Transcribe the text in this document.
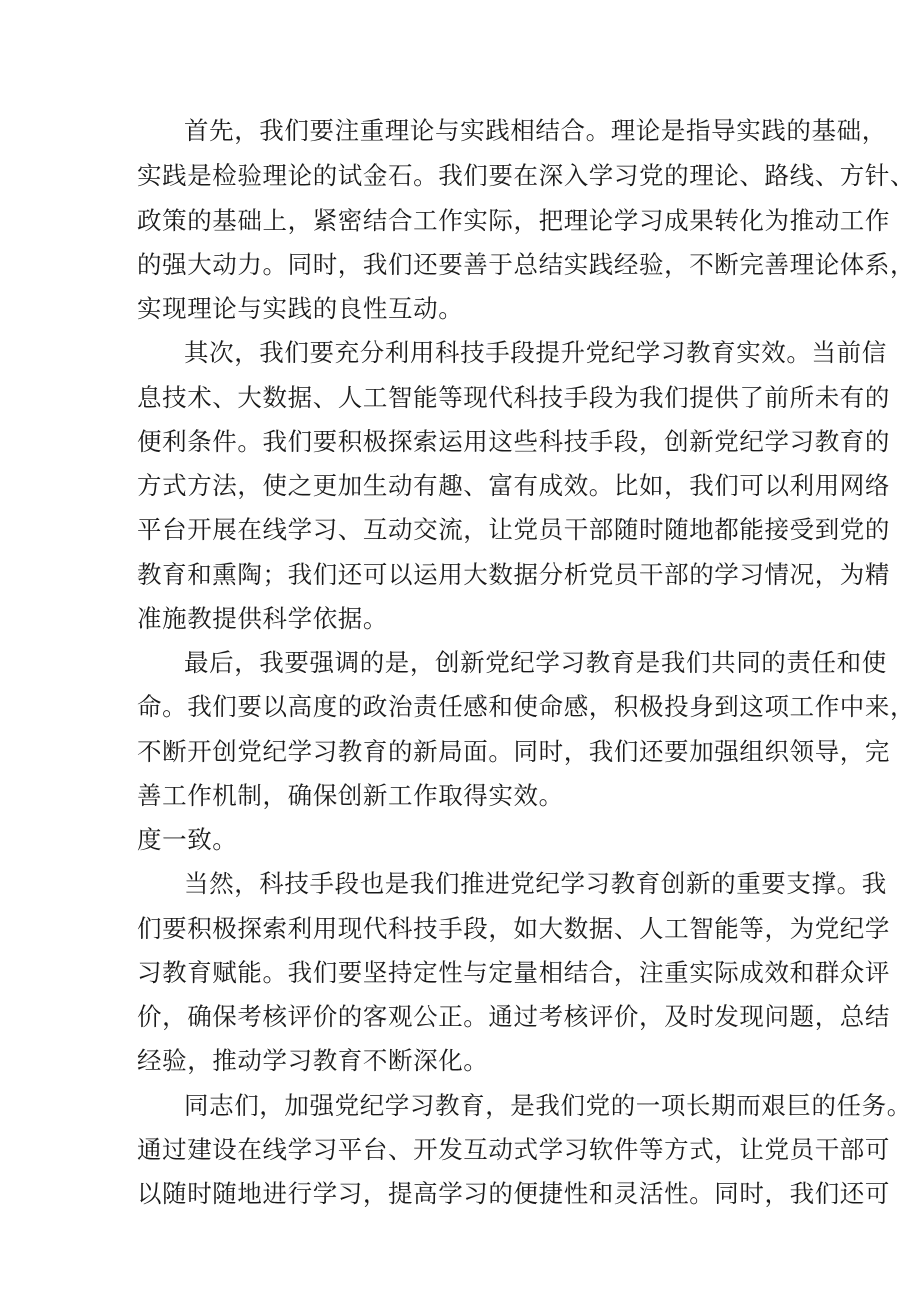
首先，我们要注重理论与实践相结合。理论是指导实践的基础，
实践是检验理论的试金石。我们要在深入学习党的理论、路线、方针、
政策的基础上，紧密结合工作实际，把理论学习成果转化为推动工作
的强大动力。同时，我们还要善于总结实践经验，不断完善理论体系，
实现理论与实践的良性互动。
其次，我们要充分利用科技手段提升党纪学习教育实效。当前信
息技术、大数据、人工智能等现代科技手段为我们提供了前所未有的
便利条件。我们要积极探索运用这些科技手段，创新党纪学习教育的
方式方法，使之更加生动有趣、富有成效。比如，我们可以利用网络
平台开展在线学习、互动交流，让党员干部随时随地都能接受到党的
教育和熏陶；我们还可以运用大数据分析党员干部的学习情况，为精
准施教提供科学依据。
最后，我要强调的是，创新党纪学习教育是我们共同的责任和使
命。我们要以高度的政治责任感和使命感，积极投身到这项工作中来，
不断开创党纪学习教育的新局面。同时，我们还要加强组织领导，完
善工作机制，确保创新工作取得实效。
度一致。
当然，科技手段也是我们推进党纪学习教育创新的重要支撑。我
们要积极探索利用现代科技手段，如大数据、人工智能等，为党纪学
习教育赋能。我们要坚持定性与定量相结合，注重实际成效和群众评
价，确保考核评价的客观公正。通过考核评价，及时发现问题，总结
经验，推动学习教育不断深化。
同志们，加强党纪学习教育，是我们党的一项长期而艰巨的任务。
通过建设在线学习平台、开发互动式学习软件等方式，让党员干部可
以随时随地进行学习，提高学习的便捷性和灵活性。同时，我们还可
